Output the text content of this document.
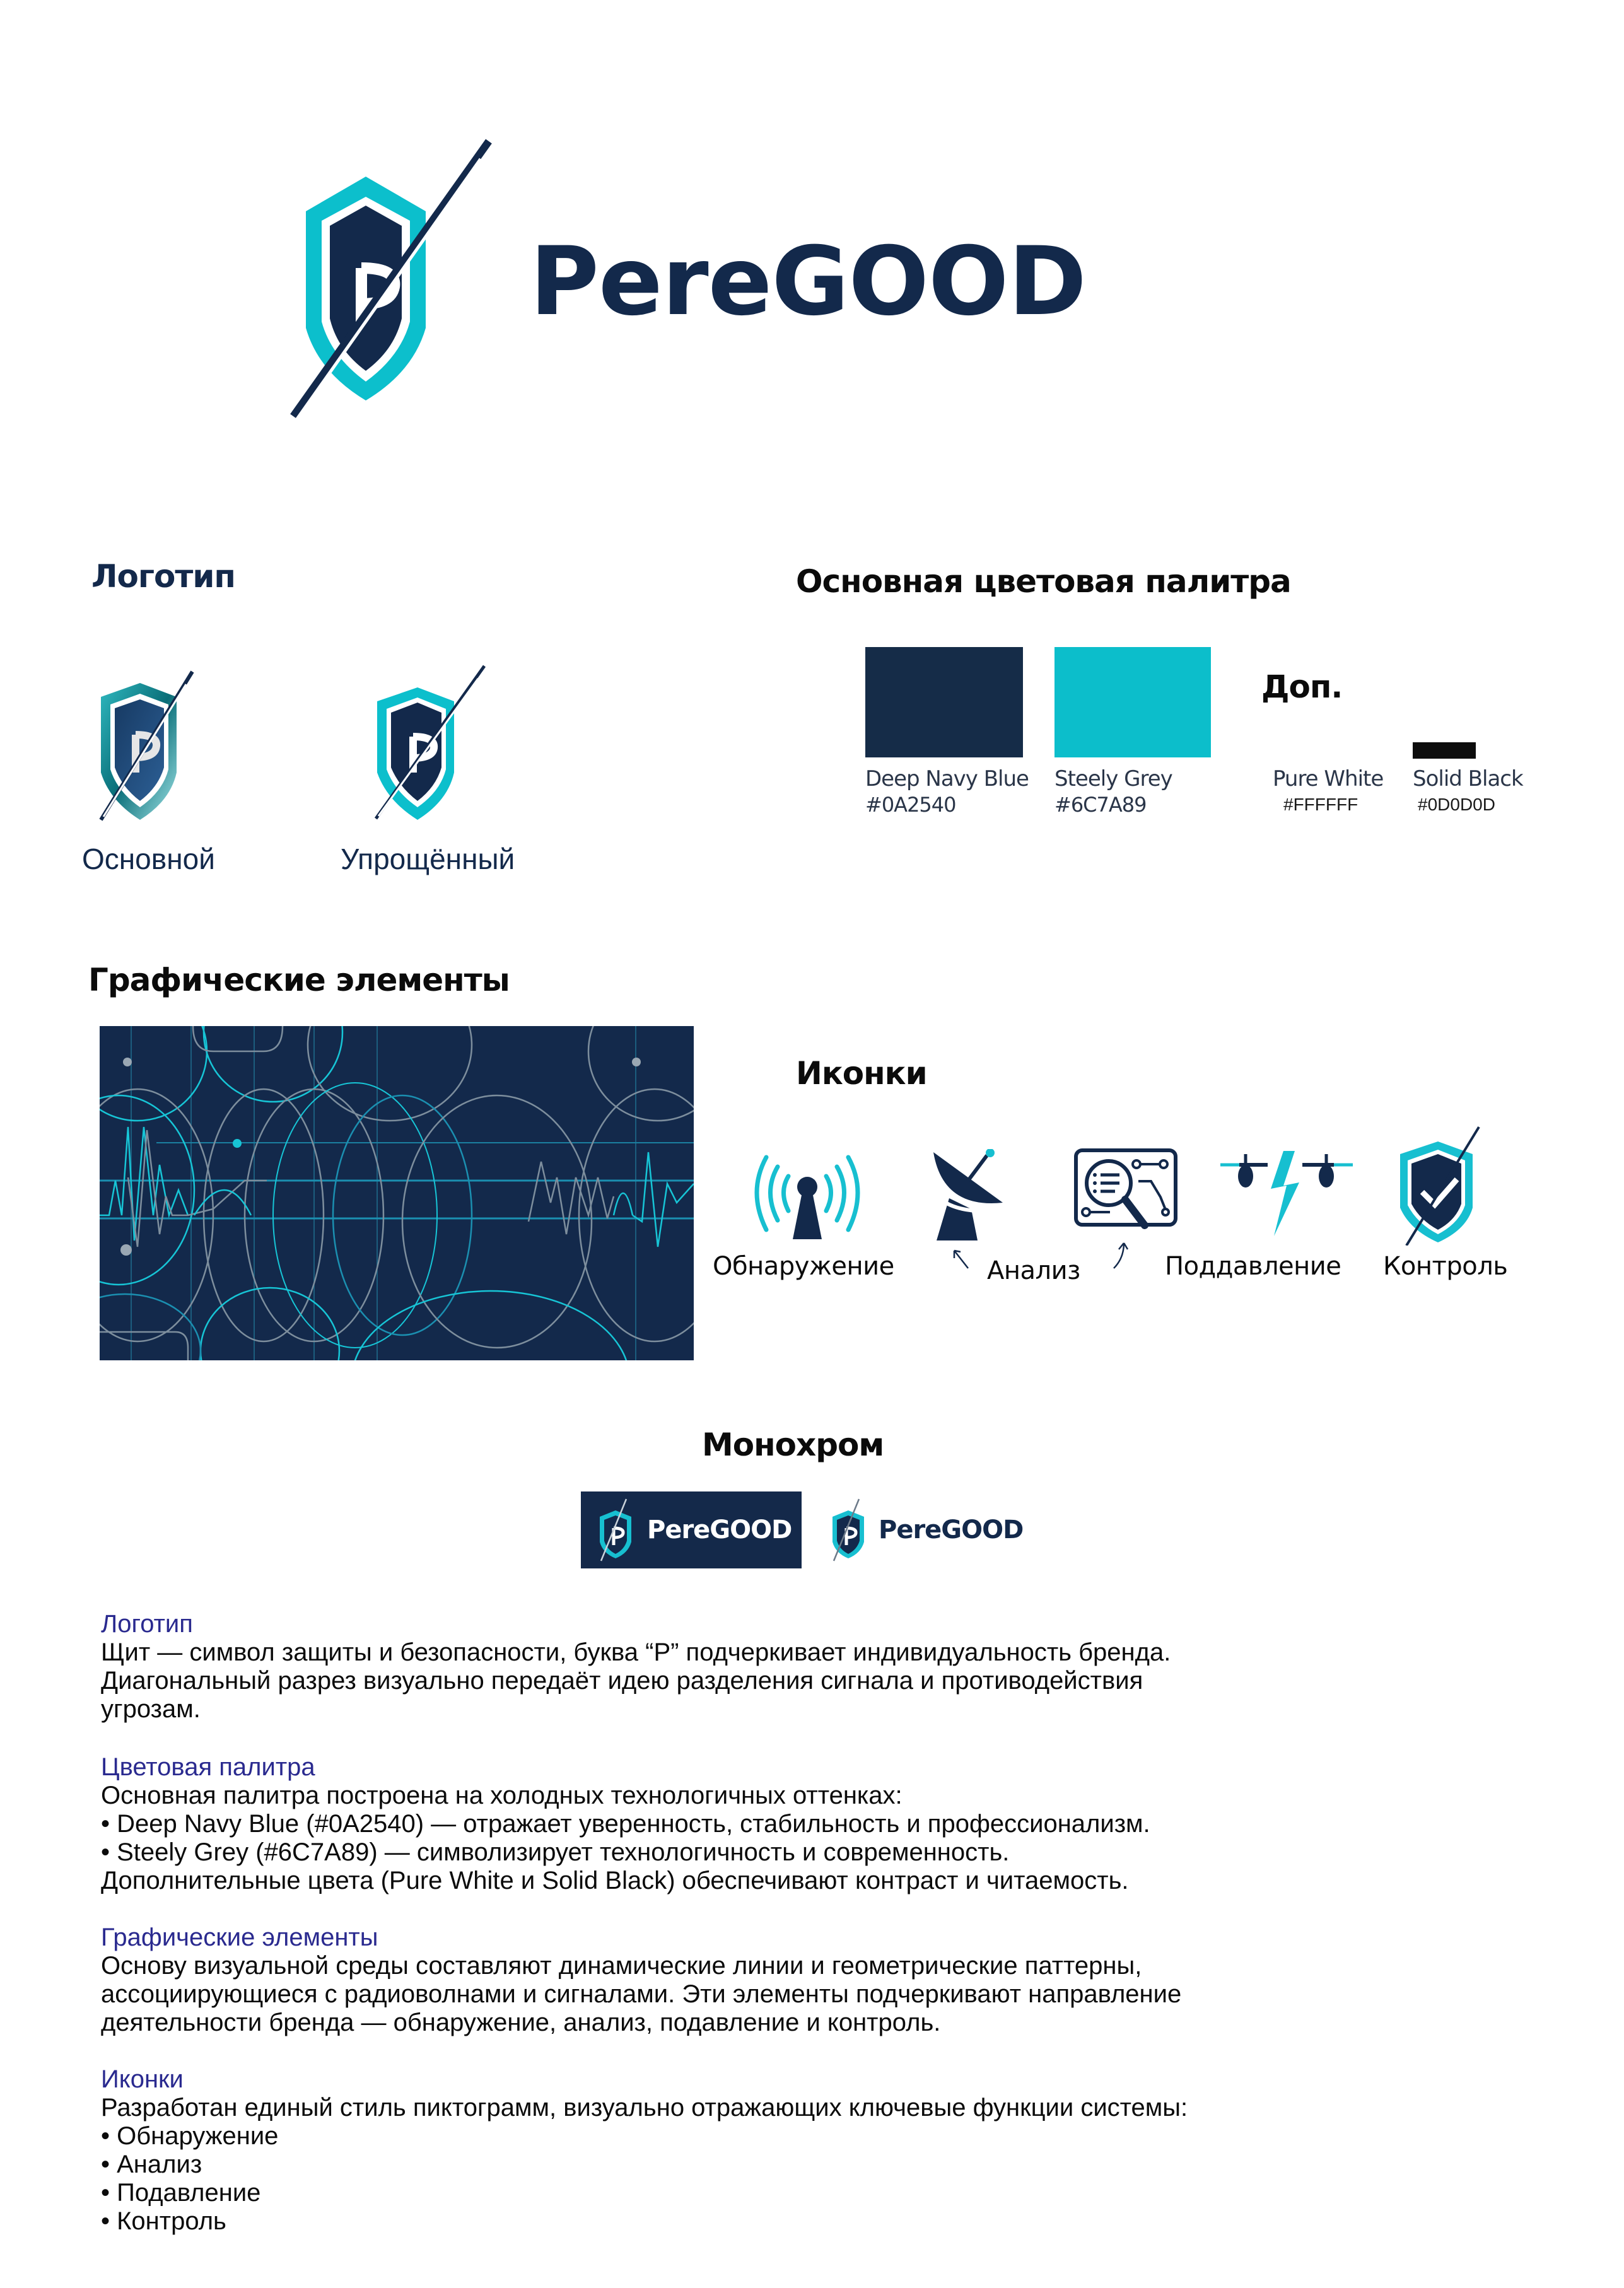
PereGOOD
Логотип
Основной	Упрощённый
Основная цветовая палитра
Deep Navy Blue
#0A2540
Steely Grey
#6C7A89
Доп.
Pure White
#FFFFFF
Solid Black
#0D0D0D
Графические элементы
Иконки
Обнаружение	Анализ	Поддавление Контроль
Монохром
PereGOOD	PereGOOD

Логотип

Щит — символ защиты и безопасности, буква “P” подчеркивает индивидуальность бренда.

Диагональный разрез визуально передаёт идею разделения сигнала и противодействия

угрозам.

Цветовая палитра

Основная палитра построена на холодных технологичных оттенках:

• Deep Navy Blue (#0A2540) — отражает уверенность, стабильность и профессионализм.

• Steely Grey (#6C7A89) — символизирует технологичность и современность.

Дополнительные цвета (Pure White и Solid Black) обеспечивают контраст и читаемость.

Графические элементы

Основу визуальной среды составляют динамические линии и геометрические паттерны,

ассоциирующиеся с радиоволнами и сигналами. Эти элементы подчеркивают направление

деятельности бренда — обнаружение, анализ, подавление и контроль.

Иконки

Разработан единый стиль пиктограмм, визуально отражающих ключевые функции системы:

• Обнаружение

• Анализ

• Подавление

• Контроль
